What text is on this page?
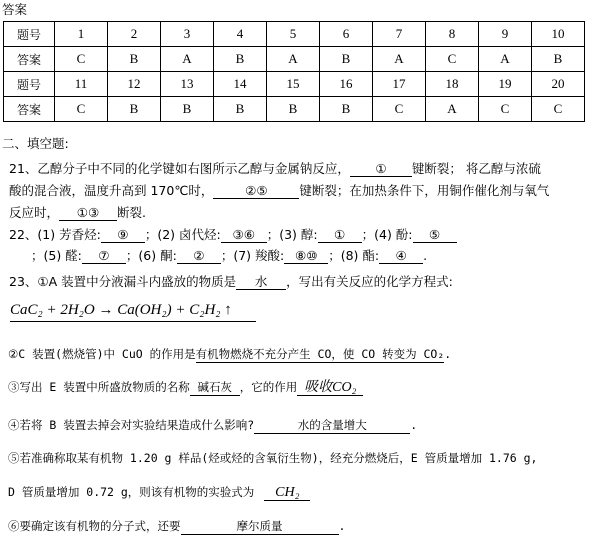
答案
题号	1	2	3	4	5	6	7	8	9	10
答案	C	B	A	B	A	B	A	C	A	B
题号	11	12	13	14	15	16	17	18	19	20
答案	C	B	B	B	B	B	C	A	C	C
二、填空题:
21、乙醇分子中不同的化学键如右图所示乙醇与金属钠反应， ① 键断裂； 将乙醇与浓硫
酸的混合液，温度升高到 170℃时，	②⑤	键断裂；在加热条件下，用铜作催化剂与氧气
反应时， ①③ 断裂.
22、(1) 芳香烃: ⑨ ；(2) 卤代烃: ③⑥ ；(3) 醇: ① ；(4) 酚: ⑤
；(5) 醛: ⑦ ；(6) 酮: ② ；(7) 羧酸: ⑧⑩ ；(8) 酯: ④ .
23、①A 装置中分液漏斗内盛放的物质是 水 ，写出有关反应的化学方程式:
CaC₂ + 2H₂O → Ca(OH₂) + C₂H₂ ↑
②C 装置(燃烧管)中 CuO 的作用是有机物燃烧不充分产生 CO，使 CO 转变为 CO₂.
③写出 E 装置中所盛放物质的名称 碱石灰 ，它的作用 吸收CO₂
④若将 B 装置去掉会对实验结果造成什么影响?	水的含量增大	.
⑤若准确称取某有机物 1.20 g 样品(烃或烃的含氧衍生物)，经充分燃烧后，E 管质量增加 1.76 g,
D 管质量增加 0.72 g，则该有机物的实验式为 CH₂
⑥要确定该有机物的分子式，还要	摩尔质量	.
